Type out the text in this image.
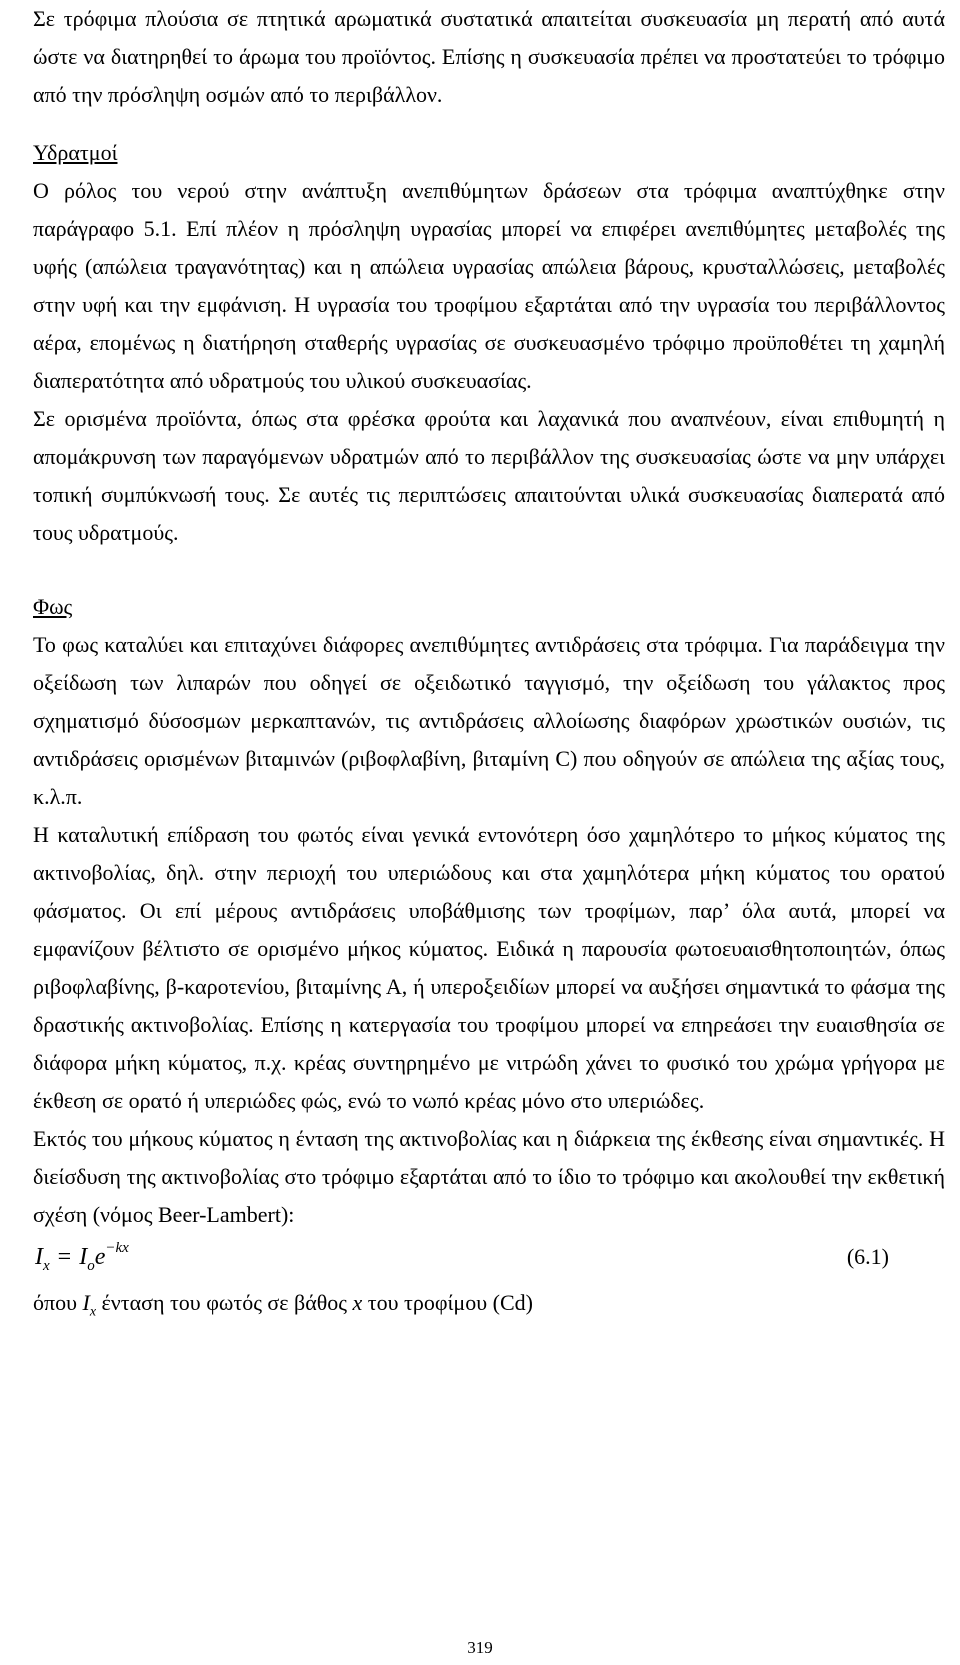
Σε τρόφιμα πλούσια σε πτητικά αρωματικά συστατικά απαιτείται συσκευασία μη περατή από αυτά ώστε να διατηρηθεί το άρωμα του προϊόντος. Επίσης η συσκευασία πρέπει να προστατεύει το τρόφιμο από την πρόσληψη οσμών από το περιβάλλον.

Υδρατμοί

Ο ρόλος του νερού στην ανάπτυξη ανεπιθύμητων δράσεων στα τρόφιμα αναπτύχθηκε στην παράγραφο 5.1. Επί πλέον η πρόσληψη υγρασίας μπορεί να επιφέρει ανεπιθύμητες μεταβολές της υφής (απώλεια τραγανότητας) και η απώλεια υγρασίας απώλεια βάρους, κρυσταλλώσεις, μεταβολές στην υφή και την εμφάνιση. Η υγρασία του τροφίμου εξαρτάται από την υγρασία του περιβάλλοντος αέρα, επομένως η διατήρηση σταθερής υγρασίας σε συσκευασμένο τρόφιμο προϋποθέτει τη χαμηλή διαπερατότητα από υδρατμούς του υλικού συσκευασίας.

Σε ορισμένα προϊόντα, όπως στα φρέσκα φρούτα και λαχανικά που αναπνέουν, είναι επιθυμητή η απομάκρυνση των παραγόμενων υδρατμών από το περιβάλλον της συσκευασίας ώστε να μην υπάρχει τοπική συμπύκνωσή τους. Σε αυτές τις περιπτώσεις απαιτούνται υλικά συσκευασίας διαπερατά από τους υδρατμούς.

Φως

Το φως καταλύει και επιταχύνει διάφορες ανεπιθύμητες αντιδράσεις στα τρόφιμα. Για παράδειγμα την οξείδωση των λιπαρών που οδηγεί σε οξειδωτικό ταγγισμό, την οξείδωση του γάλακτος προς σχηματισμό δύσοσμων μερκαπτανών, τις αντιδράσεις αλλοίωσης διαφόρων χρωστικών ουσιών, τις αντιδράσεις ορισμένων βιταμινών (ριβοφλαβίνη, βιταμίνη C) που οδηγούν σε απώλεια της αξίας τους, κ.λ.π.

Η καταλυτική επίδραση του φωτός είναι γενικά εντονότερη όσο χαμηλότερο το μήκος κύματος της ακτινοβολίας, δηλ. στην περιοχή του υπεριώδους και στα χαμηλότερα μήκη κύματος του ορατού φάσματος. Οι επί μέρους αντιδράσεις υποβάθμισης των τροφίμων, παρ’ όλα αυτά, μπορεί να εμφανίζουν βέλτιστο σε ορισμένο μήκος κύματος. Ειδικά η παρουσία φωτοευαισθητοποιητών, όπως ριβοφλαβίνης, β-καροτενίου, βιταμίνης Α, ή υπεροξειδίων μπορεί να αυξήσει σημαντικά το φάσμα της δραστικής ακτινοβολίας. Επίσης η κατεργασία του τροφίμου μπορεί να επηρεάσει την ευαισθησία σε διάφορα μήκη κύματος, π.χ. κρέας συντηρημένο με νιτρώδη χάνει το φυσικό του χρώμα γρήγορα με έκθεση σε ορατό ή υπεριώδες φώς, ενώ το νωπό κρέας μόνο στο υπεριώδες.

Εκτός του μήκους κύματος η ένταση της ακτινοβολίας και η διάρκεια της έκθεσης είναι σημαντικές. Η διείσδυση της ακτινοβολίας στο τρόφιμο εξαρτάται από το ίδιο το τρόφιμο και ακολουθεί την εκθετική σχέση (νόμος Beer-Lambert):

$I_x = I_oe^{-kx}$	(6.1)

όπου $I_x$ ένταση του φωτός σε βάθος x του τροφίμου (Cd)

319
